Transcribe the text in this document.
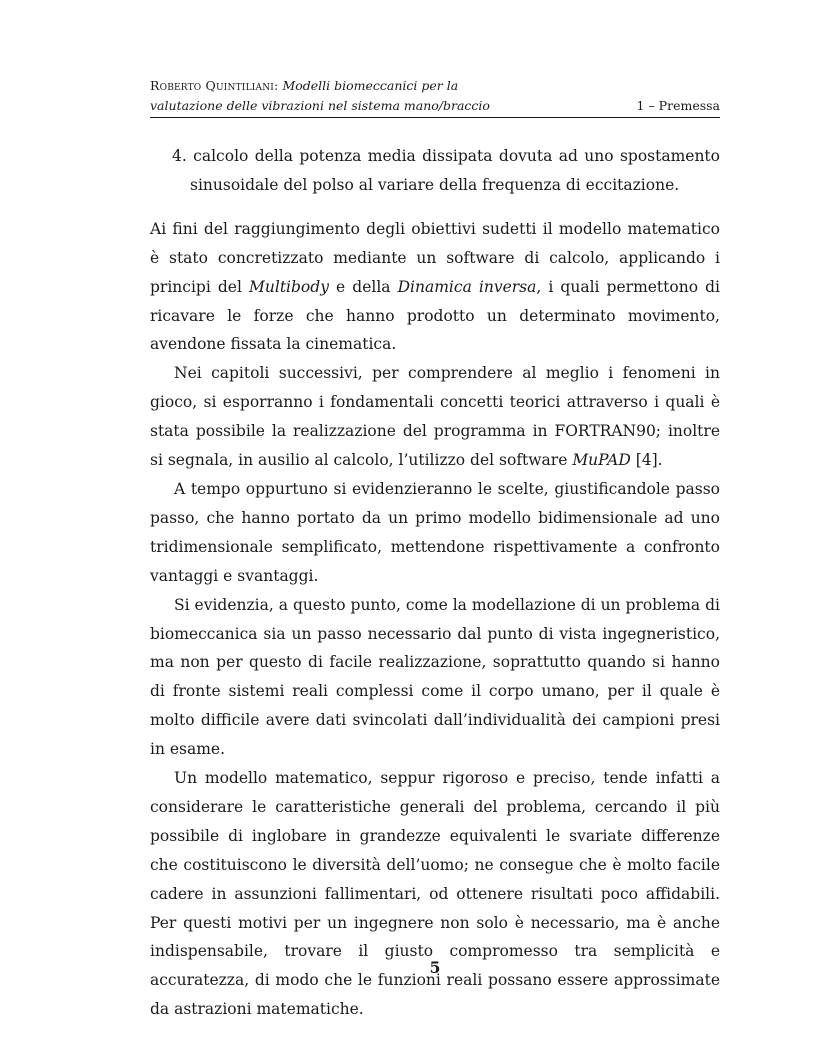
Roberto Quintiliani: Modelli biomeccanici per la
valutazione delle vibrazioni nel sistema mano/braccio	1 – Premessa

4. calcolo della potenza media dissipata dovuta ad uno spostamento sinusoidale del polso al variare della frequenza di eccitazione.

Ai fini del raggiungimento degli obiettivi sudetti il modello matematico è stato concretizzato mediante un software di calcolo, applicando i principi del Multibody e della Dinamica inversa, i quali permettono di ricavare le forze che hanno prodotto un determinato movimento, avendone fissata la cinematica.

Nei capitoli successivi, per comprendere al meglio i fenomeni in gioco, si esporranno i fondamentali concetti teorici attraverso i quali è stata possibile la realizzazione del programma in FORTRAN90; inoltre si segnala, in ausilio al calcolo, l’utilizzo del software MuPAD [4].

A tempo oppurtuno si evidenzieranno le scelte, giustificandole passo passo, che hanno portato da un primo modello bidimensionale ad uno tridimensionale semplificato, mettendone rispettivamente a confronto vantaggi e svantaggi.

Si evidenzia, a questo punto, come la modellazione di un problema di biomeccanica sia un passo necessario dal punto di vista ingegneristico, ma non per questo di facile realizzazione, soprattutto quando si hanno di fronte sistemi reali complessi come il corpo umano, per il quale è molto difficile avere dati svincolati dall’individualità dei campioni presi in esame.

Un modello matematico, seppur rigoroso e preciso, tende infatti a considerare le caratteristiche generali del problema, cercando il più possibile di inglobare in grandezze equivalenti le svariate differenze che costituiscono le diversità dell’uomo; ne consegue che è molto facile cadere in assunzioni fallimentari, od ottenere risultati poco affidabili. Per questi motivi per un ingegnere non solo è necessario, ma è anche indispensabile, trovare il giusto compromesso tra semplicità e accuratezza, di modo che le funzioni reali possano essere approssimate da astrazioni matematiche.

5
